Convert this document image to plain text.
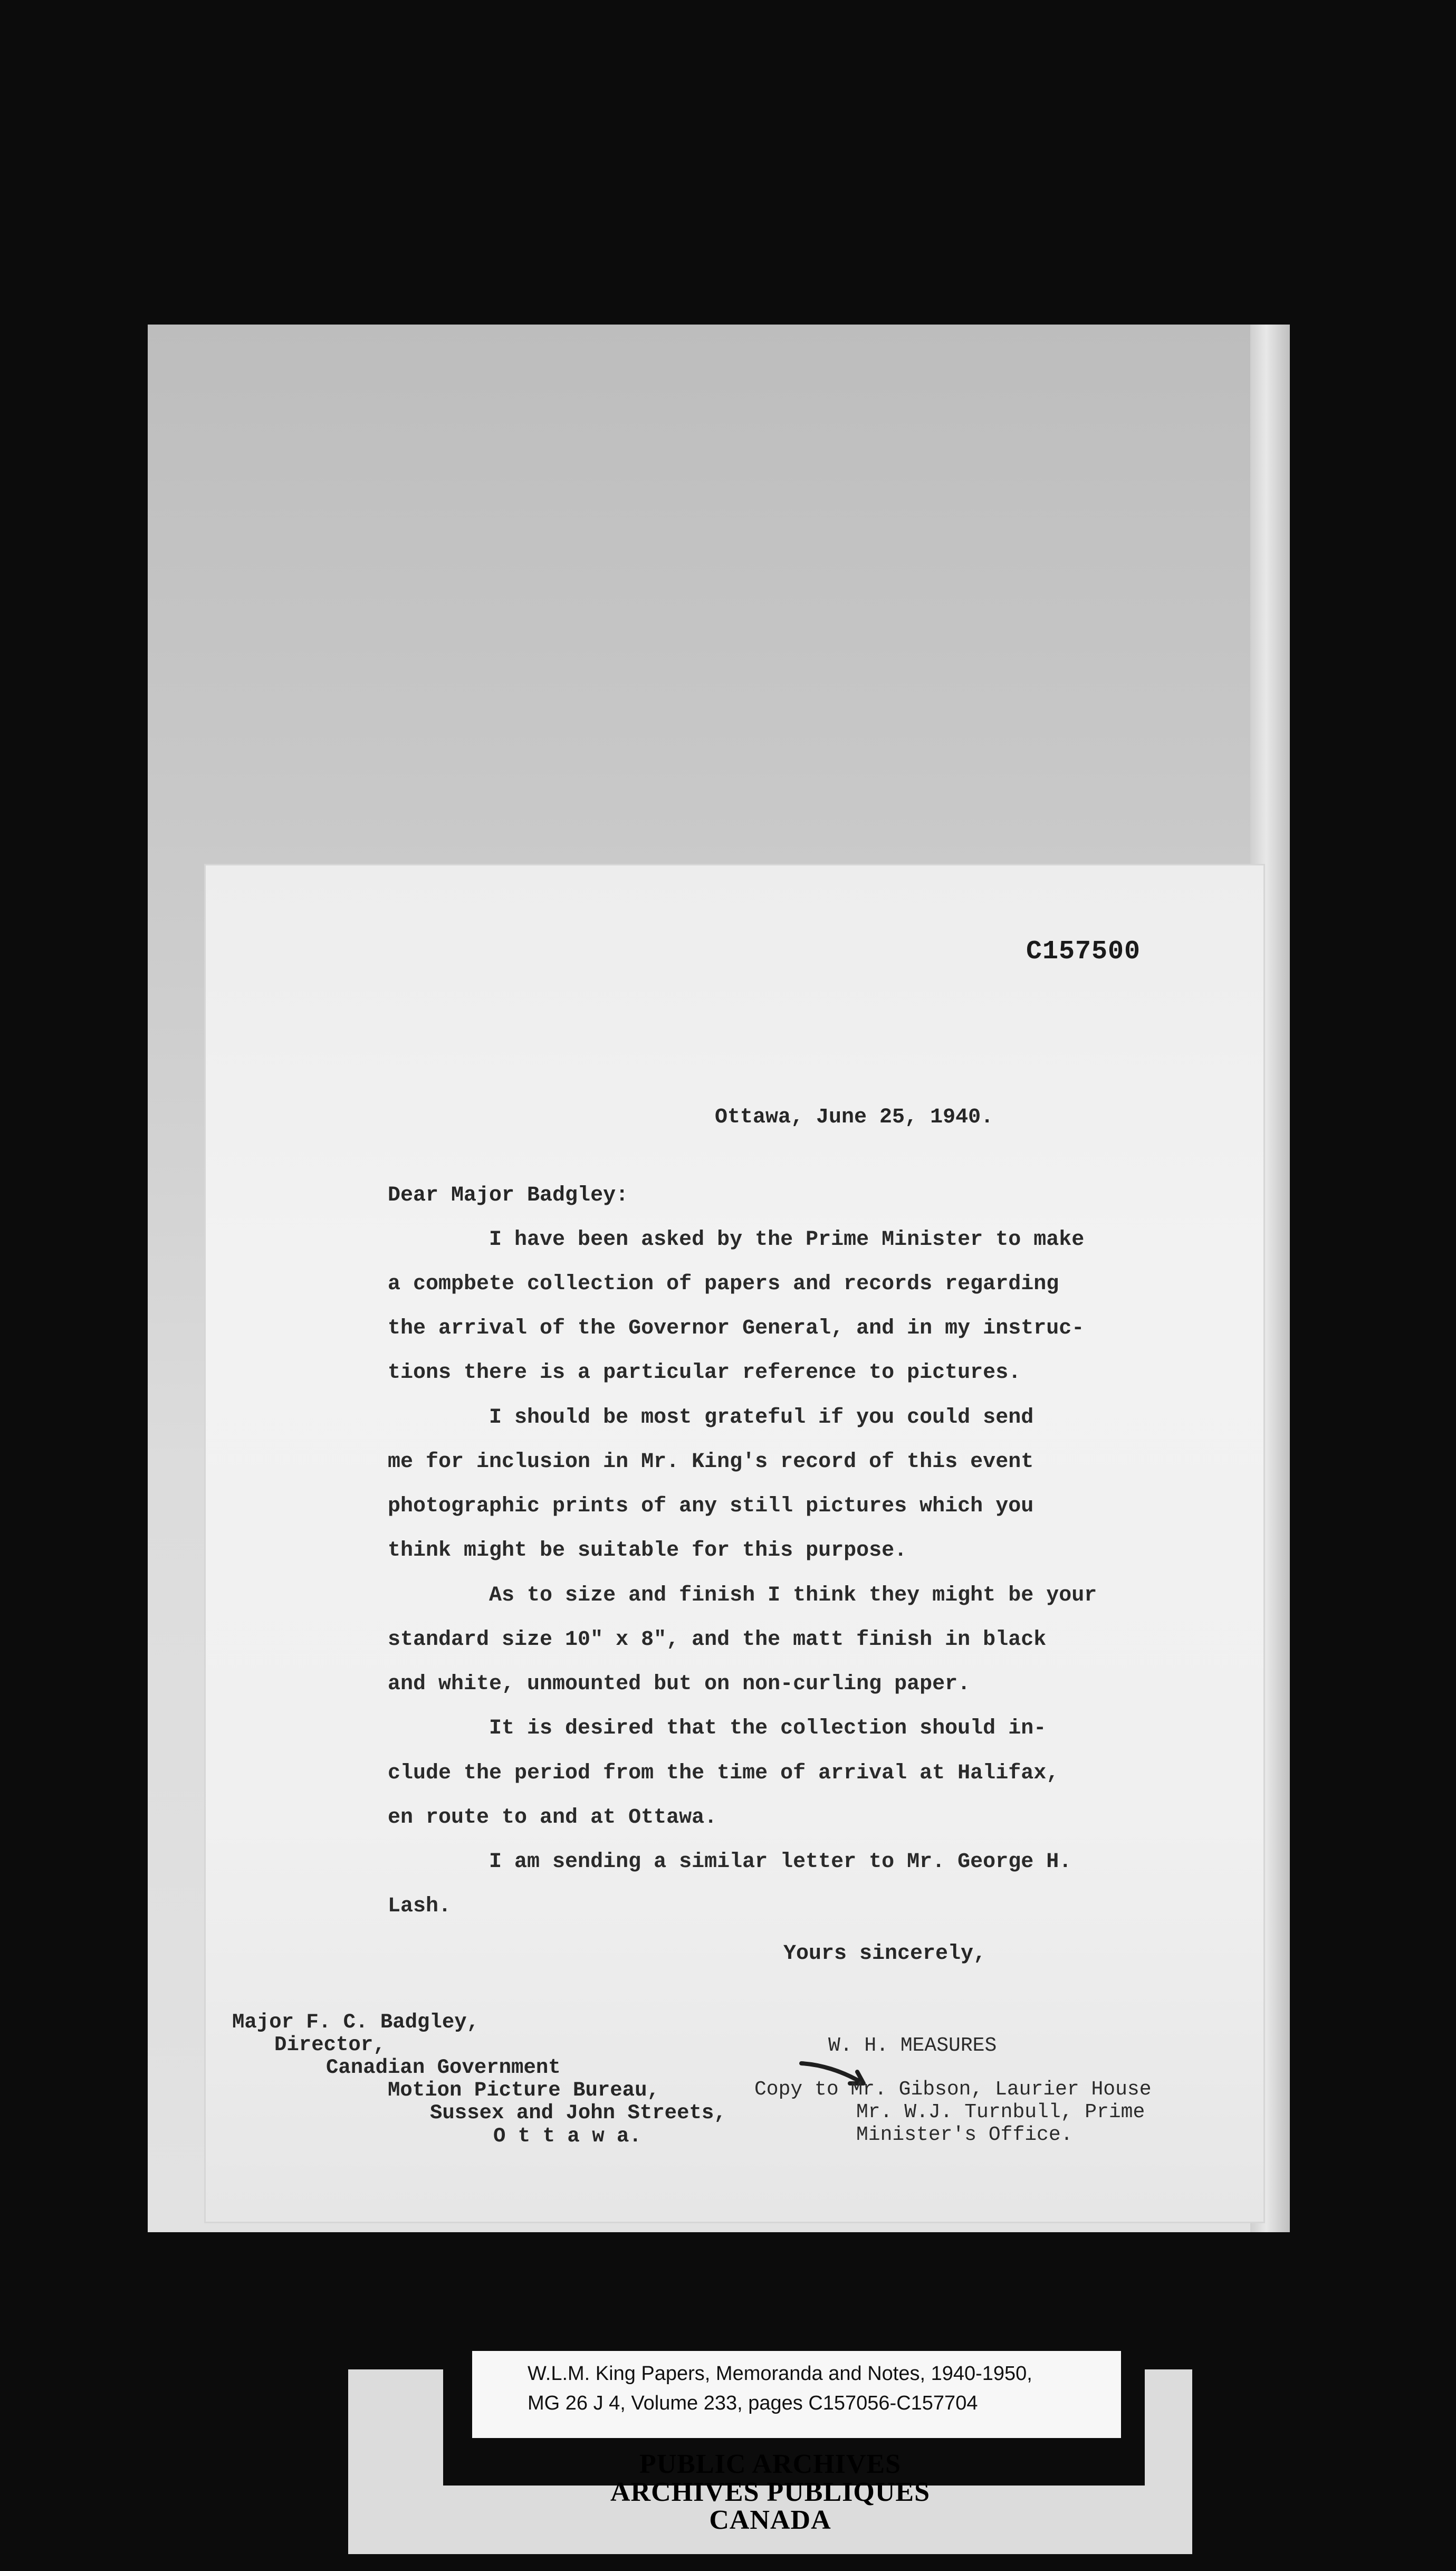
C157500
Ottawa, June 25, 1940.
Dear Major Badgley:
I have been asked by the Prime Minister to make
a compbete collection of papers and records regarding
the arrival of the Governor General, and in my instruc-
tions there is a particular reference to pictures.
I should be most grateful if you could send
me for inclusion in Mr. King's record of this event
photographic prints of any still pictures which you
think might be suitable for this purpose.
As to size and finish I think they might be your
standard size 10" x 8", and the matt finish in black
and white, unmounted but on non-curling paper.
It is desired that the collection should in-
clude the period from the time of arrival at Halifax,
en route to and at Ottawa.
I am sending a similar letter to Mr. George H.
Lash.
Yours sincerely,
W. H. MEASURES
Major F. C. Badgley,
Director,
Canadian Government
Motion Picture Bureau,
Sussex and John Streets,
O t t a w a.
Copy to Mr. Gibson, Laurier House
Mr. W.J. Turnbull, Prime
Minister's Office.
W.L.M. King Papers, Memoranda and Notes, 1940-1950,
MG 26 J 4, Volume 233, pages C157056-C157704
PUBLIC ARCHIVES
ARCHIVES PUBLIQUES
CANADA
